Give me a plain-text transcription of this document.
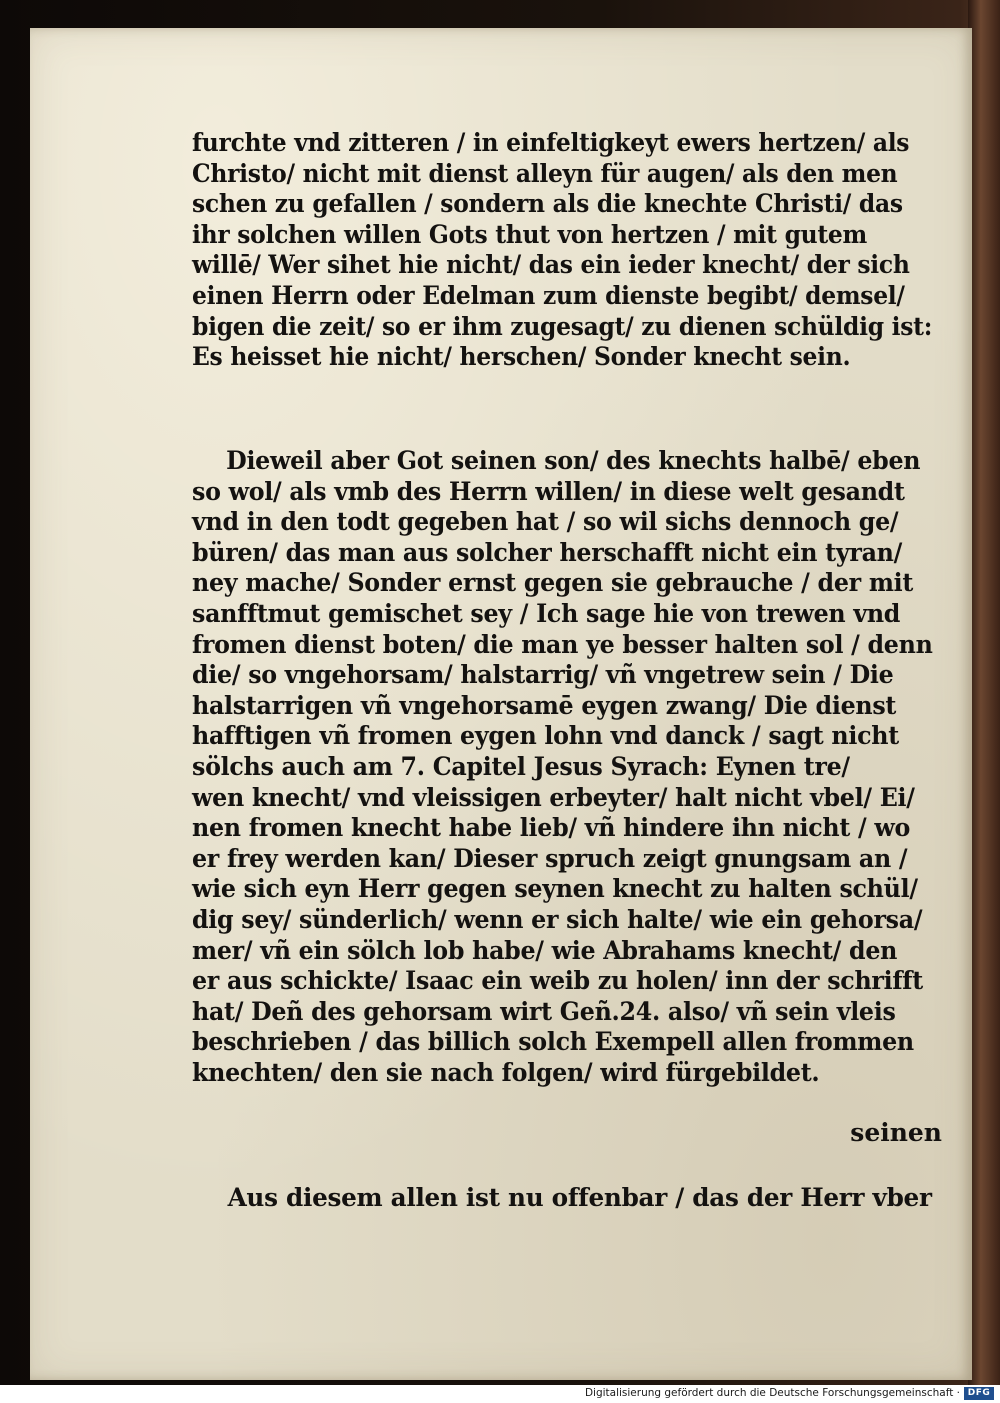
furchte vnd zitteren / in einfeltigkeyt ewers hertzen/ als

Christo/ nicht mit dienst alleyn für augen/ als den men

schen zu gefallen / sondern als die knechte Christi/ das

ihr solchen willen Gots thut von hertzen / mit gutem

willē/ Wer sihet hie nicht/ das ein ieder knecht/ der sich

einen Herrn oder Edelman zum dienste begibt/ demsel/

bigen die zeit/ so er ihm zugesagt/ zu dienen schüldig ist:

Es heisset hie nicht/ herschen/ Sonder knecht sein.

Dieweil aber Got seinen son/ des knechts halbē/ eben

so wol/ als vmb des Herrn willen/ in diese welt gesandt

vnd in den todt gegeben hat / so wil sichs dennoch ge/

büren/ das man aus solcher herschafft nicht ein tyran/

ney mache/ Sonder ernst gegen sie gebrauche / der mit

sanfftmut gemischet sey / Ich sage hie von trewen vnd

fromen dienst boten/ die man ye besser halten sol / denn

die/ so vngehorsam/ halstarrig/ vñ vngetrew sein / Die

halstarrigen vñ vngehorsamē eygen zwang/ Die dienst

hafftigen vñ fromen eygen lohn vnd danck / sagt nicht

sölchs auch am 7. Capitel Jesus Syrach: Eynen tre/

wen knecht/ vnd vleissigen erbeyter/ halt nicht vbel/ Ei/

nen fromen knecht habe lieb/ vñ hindere ihn nicht / wo

er frey werden kan/ Dieser spruch zeigt gnungsam an /

wie sich eyn Herr gegen seynen knecht zu halten schül/

dig sey/ sünderlich/ wenn er sich halte/ wie ein gehorsa/

mer/ vñ ein sölch lob habe/ wie Abrahams knecht/ den

er aus schickte/ Isaac ein weib zu holen/ inn der schrifft

hat/ Deñ des gehorsam wirt Geñ.24. also/ vñ sein vleis

beschrieben / das billich solch Exempell allen frommen

knechten/ den sie nach folgen/ wird fürgebildet.

Aus diesem allen ist nu offenbar / das der Herr vber

seinen
Digitalisierung gefördert durch die Deutsche Forschungsgemeinschaft · DFG
